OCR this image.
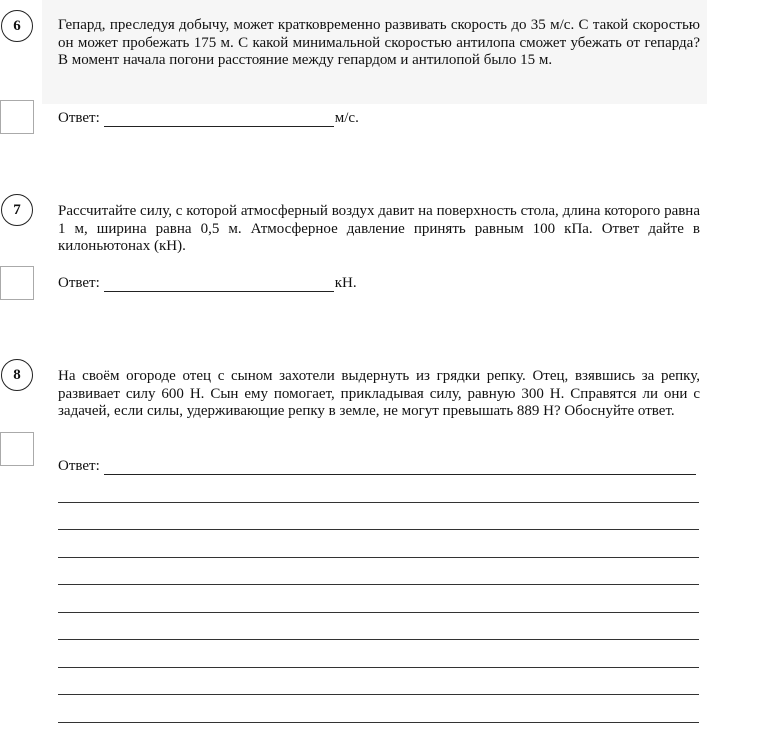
6	Гепард, преследуя добычу, может кратковременно развивать скорость до 35 м/с. С такой скоростью он может пробежать 175 м. С какой минимальной скоростью антилопа сможет убежать от гепарда? В момент начала погони расстояние между гепардом и антилопой было 15 м.
Ответ:	м/с.
7	Рассчитайте силу, с которой атмосферный воздух давит на поверхность стола, длина которого равна 1 м, ширина равна 0,5 м. Атмосферное давление принять равным 100 кПа. Ответ дайте в килоньютонах (кН).
Ответ:	кН.
8	На своём огороде отец с сыном захотели выдернуть из грядки репку. Отец, взявшись за репку, развивает силу 600 Н. Сын ему помогает, прикладывая силу, равную 300 Н. Справятся ли они с задачей, если силы, удерживающие репку в земле, не могут превышать 889 Н? Обоснуйте ответ.
Ответ:
